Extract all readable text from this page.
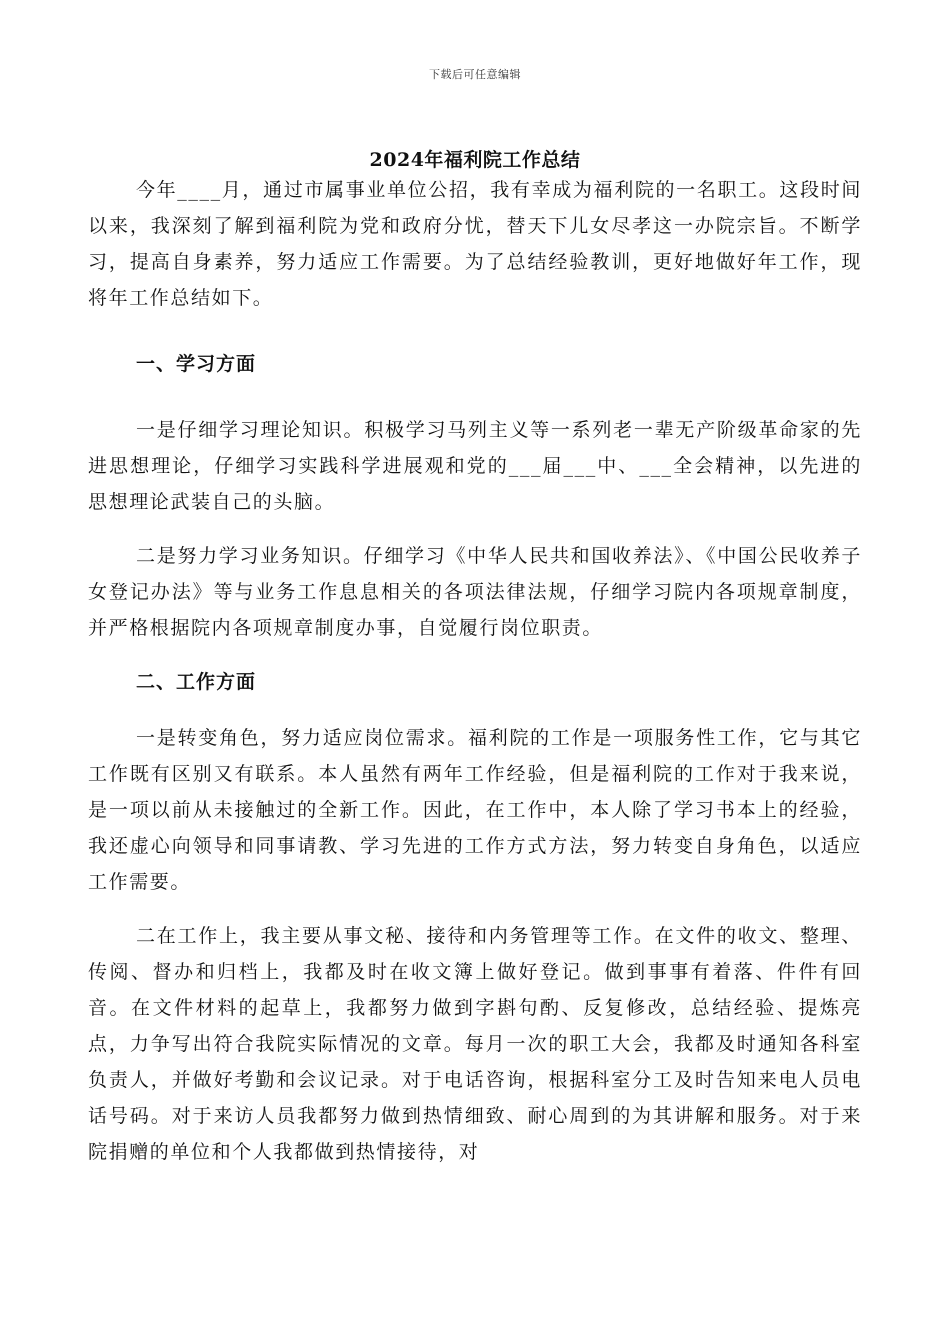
下载后可任意编辑
2024年福利院工作总结

今年____月，通过市属事业单位公招，我有幸成为福利院的一名职工。这段时间以来，我深刻了解到福利院为党和政府分忧，替天下儿女尽孝这一办院宗旨。不断学习，提高自身素养，努力适应工作需要。为了总结经验教训，更好地做好年工作，现将年工作总结如下。

一、学习方面

一是仔细学习理论知识。积极学习马列主义等一系列老一辈无产阶级革命家的先进思想理论，仔细学习实践科学进展观和党的___届___中、___全会精神，以先进的思想理论武装自己的头脑。

二是努力学习业务知识。仔细学习《中华人民共和国收养法》、《中国公民收养子女登记办法》等与业务工作息息相关的各项法律法规，仔细学习院内各项规章制度，并严格根据院内各项规章制度办事，自觉履行岗位职责。

二、工作方面

一是转变角色，努力适应岗位需求。福利院的工作是一项服务性工作，它与其它工作既有区别又有联系。本人虽然有两年工作经验，但是福利院的工作对于我来说，是一项以前从未接触过的全新工作。因此，在工作中，本人除了学习书本上的经验，我还虚心向领导和同事请教、学习先进的工作方式方法，努力转变自身角色，以适应工作需要。

二在工作上，我主要从事文秘、接待和内务管理等工作。在文件的收文、整理、传阅、督办和归档上，我都及时在收文簿上做好登记。做到事事有着落、件件有回音。在文件材料的起草上，我都努力做到字斟句酌、反复修改，总结经验、提炼亮点，力争写出符合我院实际情况的文章。每月一次的职工大会，我都及时通知各科室负责人，并做好考勤和会议记录。对于电话咨询，根据科室分工及时告知来电人员电话号码。对于来访人员我都努力做到热情细致、耐心周到的为其讲解和服务。对于来院捐赠的单位和个人我都做到热情接待，对
